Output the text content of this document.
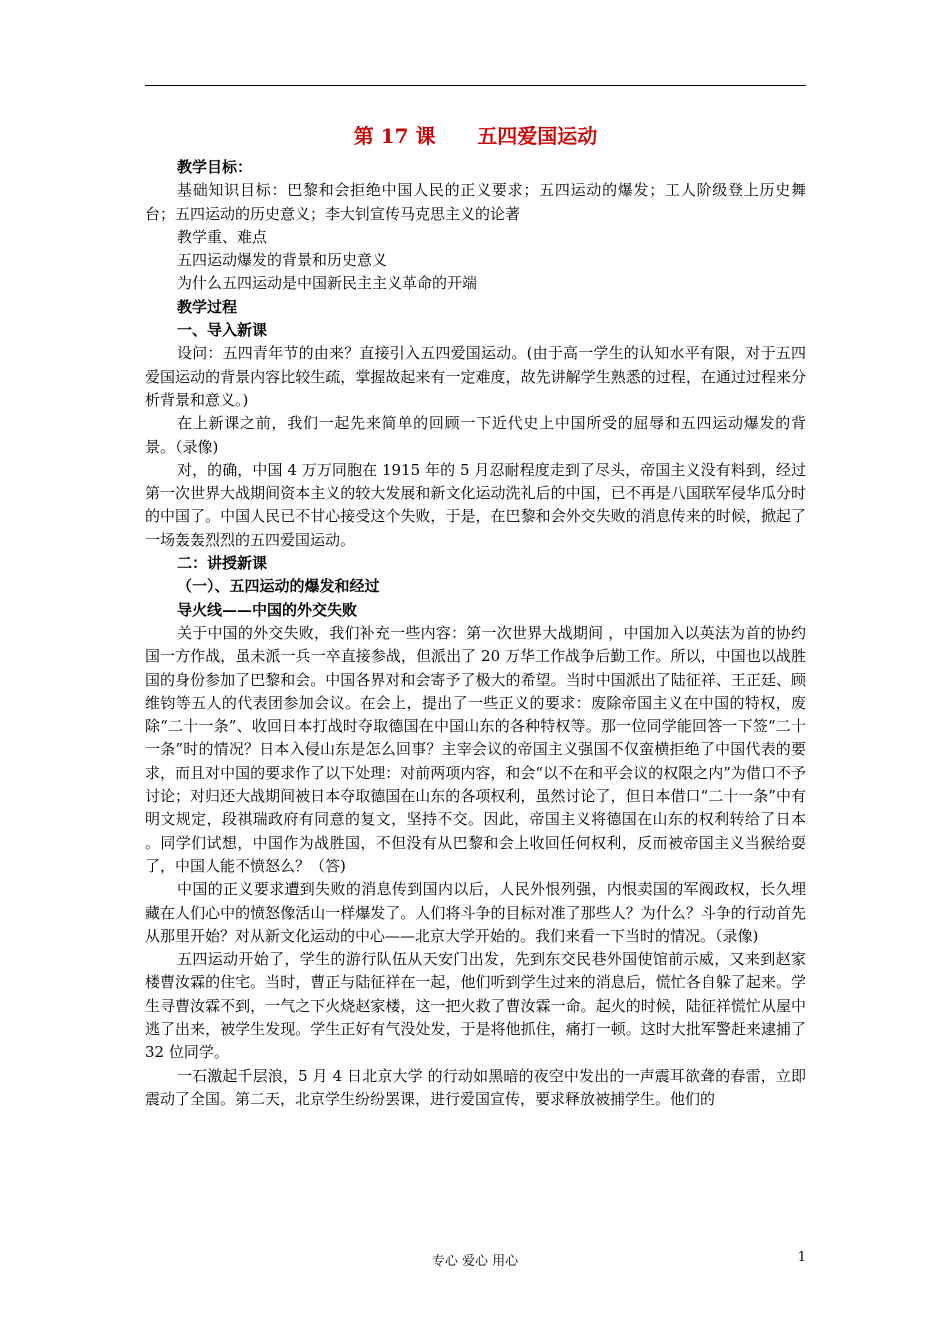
第 17 课      五四爱国运动

教学目标：

基础知识目标：巴黎和会拒绝中国人民的正义要求；五四运动的爆发；工人阶级登上历史舞台；五四运动的历史意义；李大钊宣传马克思主义的论著

教学重、难点

五四运动爆发的背景和历史意义

为什么五四运动是中国新民主主义革命的开端

教学过程

一、导入新课

设问：五四青年节的由来？直接引入五四爱国运动。(由于高一学生的认知水平有限，对于五四爱国运动的背景内容比较生疏，掌握故起来有一定难度，故先讲解学生熟悉的过程，在通过过程来分析背景和意义。)

在上新课之前，我们一起先来简单的回顾一下近代史上中国所受的屈辱和五四运动爆发的背景。（录像)

对，的确，中国 4 万万同胞在 1915 年的 5 月忍耐程度走到了尽头，帝国主义没有料到，经过第一次世界大战期间资本主义的较大发展和新文化运动洗礼后的中国，已不再是八国联军侵华瓜分时的中国了。中国人民已不甘心接受这个失败，于是，在巴黎和会外交失败的消息传来的时候，掀起了一场轰轰烈烈的五四爱国运动。

二：讲授新课

（一）、五四运动的爆发和经过

导火线——中国的外交失败

关于中国的外交失败，我们补充一些内容：第一次世界大战期间 ，中国加入以英法为首的协约国一方作战，虽未派一兵一卒直接参战，但派出了 20 万华工作战争后勤工作。所以，中国也以战胜国的身份参加了巴黎和会。中国各界对和会寄予了极大的希望。当时中国派出了陆征祥、王正廷、顾维钧等五人的代表团参加会议。在会上，提出了一些正义的要求：废除帝国主义在中国的特权，废除“二十一条”、收回日本打战时夺取德国在中国山东的各种特权等。那一位同学能回答一下签“二十一条”时的情况？日本入侵山东是怎么回事？主宰会议的帝国主义强国不仅蛮横拒绝了中国代表的要求，而且对中国的要求作了以下处理：对前两项内容，和会“以不在和平会议的权限之内”为借口不予讨论；对归还大战期间被日本夺取德国在山东的各项权利，虽然讨论了，但日本借口“二十一条”中有明文规定，段祺瑞政府有同意的复文，坚持不交。因此，帝国主义将德国在山东的权利转给了日本 。同学们试想，中国作为战胜国，不但没有从巴黎和会上收回任何权利，反而被帝国主义当猴给耍了，中国人能不愤怒么？（答)

中国的正义要求遭到失败的消息传到国内以后，人民外恨列强，内恨卖国的军阀政权，长久埋藏在人们心中的愤怒像活山一样爆发了。人们将斗争的目标对准了那些人？为什么？斗争的行动首先从那里开始？对从新文化运动的中心——北京大学开始的。我们来看一下当时的情况。（录像)

五四运动开始了，学生的游行队伍从天安门出发，先到东交民巷外国使馆前示威，又来到赵家楼曹汝霖的住宅。当时，曹正与陆征祥在一起，他们听到学生过来的消息后，慌忙各自躲了起来。学生寻曹汝霖不到，一气之下火烧赵家楼，这一把火救了曹汝霖一命。起火的时候，陆征祥慌忙从屋中逃了出来，被学生发现。学生正好有气没处发，于是将他抓住，痛打一顿。这时大批军警赶来逮捕了 32 位同学。

一石激起千层浪，5 月 4 日北京大学 的行动如黑暗的夜空中发出的一声震耳欲聋的春雷，立即震动了全国。第二天，北京学生纷纷罢课，进行爱国宣传，要求释放被捕学生。他们的

专心 爱心 用心	1
